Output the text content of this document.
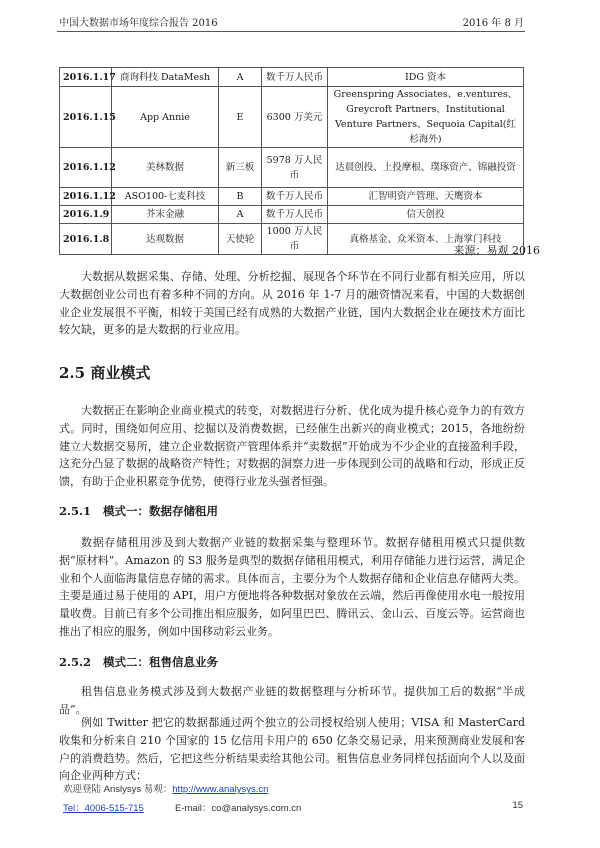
中国大数据市场年度综合报告 2016	2016 年 8 月
2016.1.17	商询科技 DataMesh	A	数千万人民币	IDG 资本
2016.1.15	App Annie	E	6300 万美元	Greenspring Associates、e.ventures、Greycroft Partners、Institutional Venture Partners、Sequoia Capital(红杉海外)
2016.1.12	美林数据	新三板	5978 万人民币	达晨创投、上投摩根、璞琢资产、锦融投资
2016.1.12	ASO100-七麦科技	B	数千万人民币	汇智明资产管理、天鹰资本
2016.1.9	芥末金融	A	数千万人民币	信天创投
2016.1.8	达观数据	天使轮	1000 万人民币	真格基金、众米资本、上海掌门科技
来源：易观 2016
大数据从数据采集、存储、处理、分析挖掘、展现各个环节在不同行业都有相关应用，所以大数据创业公司也有着多种不同的方向。从 2016 年 1-7 月的融资情况来看，中国的大数据创业企业发展很不平衡，相较于美国已经有成熟的大数据产业链，国内大数据企业在硬技术方面比较欠缺，更多的是大数据的行业应用。
2.5 商业模式
大数据正在影响企业商业模式的转变，对数据进行分析、优化成为提升核心竞争力的有效方式。同时，围绕如何应用、挖掘以及消费数据，已经催生出新兴的商业模式；2015，各地纷纷建立大数据交易所，建立企业数据资产管理体系并“卖数据”开始成为不少企业的直接盈利手段，这充分凸显了数据的战略资产特性；对数据的洞察力进一步体现到公司的战略和行动，形成正反馈，有助于企业积累竞争优势，使得行业龙头强者恒强。
2.5.1 模式一：数据存储租用
数据存储租用涉及到大数据产业链的数据采集与整理环节。数据存储租用模式只提供数据“原材料”。Amazon 的 S3 服务是典型的数据存储租用模式，利用存储能力进行运营，满足企业和个人面临海量信息存储的需求。具体而言，主要分为个人数据存储和企业信息存储两大类。主要是通过易于使用的 API，用户方便地将各种数据对象放在云端，然后再像使用水电一般按用量收费。目前已有多个公司推出相应服务，如阿里巴巴、腾讯云、金山云、百度云等。运营商也推出了相应的服务，例如中国移动彩云业务。
2.5.2 模式二：租售信息业务
租售信息业务模式涉及到大数据产业链的数据整理与分析环节。提供加工后的数据“半成品”。
例如 Twitter 把它的数据都通过两个独立的公司授权给别人使用；VISA 和 MasterCard 收集和分析来自 210 个国家的 15 亿信用卡用户的 650 亿条交易记录，用来预测商业发展和客户的消费趋势。然后，它把这些分析结果卖给其他公司。租售信息业务同样包括面向个人以及面向企业两种方式：
欢迎登陆 Anslysys 易观：http://www.analysys.cn
Tel：4006-515-715	E-mail：co@analysys.com.cn	15
